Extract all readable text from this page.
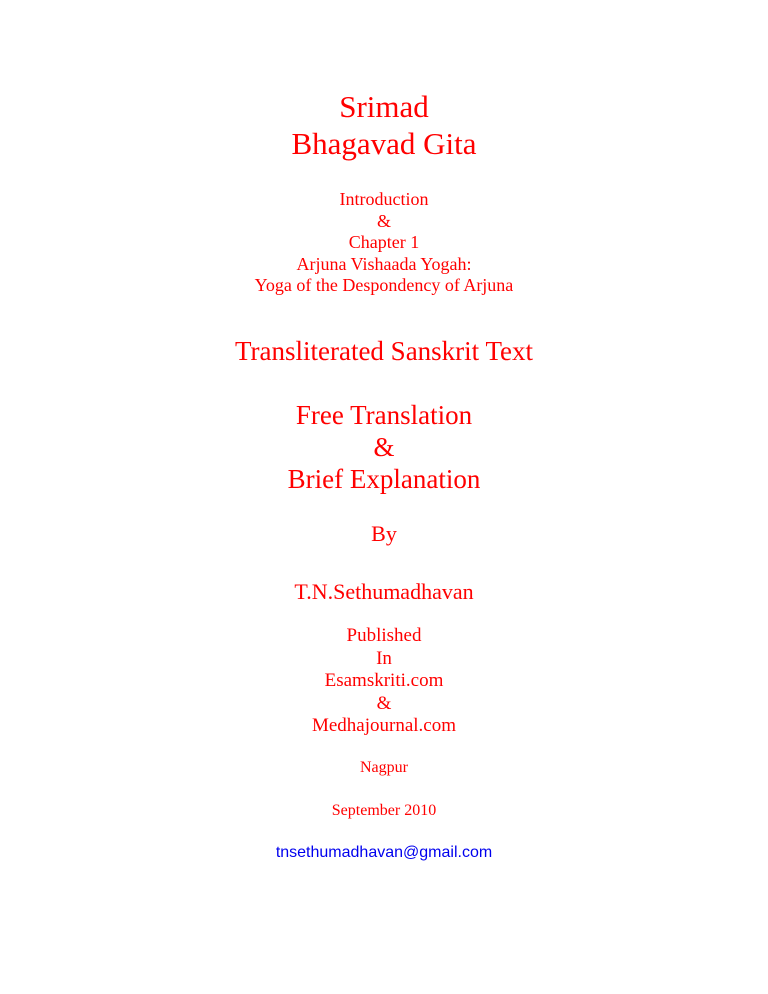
Srimad
Bhagavad Gita
Introduction
&
Chapter 1
Arjuna Vishaada Yogah:
Yoga of the Despondency of Arjuna
Transliterated Sanskrit Text
Free Translation
&
Brief Explanation
By
T.N.Sethumadhavan
Published
In
Esamskriti.com
&
Medhajournal.com
Nagpur
September 2010
tnsethumadhavan@gmail.com
